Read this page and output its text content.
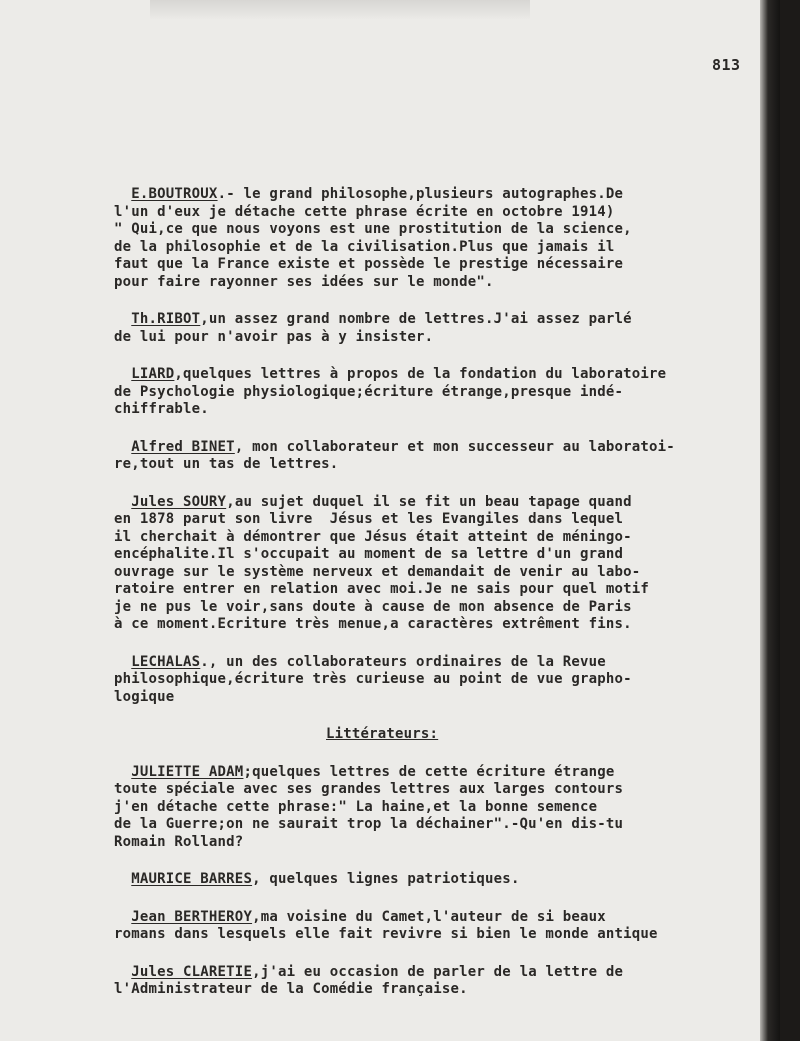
813

E.BOUTROUX.- le grand philosophe,plusieurs autographes.De

l'un d'eux je détache cette phrase écrite en octobre 1914)

" Qui,ce que nous voyons est une prostitution de la science,

de la philosophie et de la civilisation.Plus que jamais il

faut que la France existe et possède le prestige nécessaire

pour faire rayonner ses idées sur le monde".

Th.RIBOT,un assez grand nombre de lettres.J'ai assez parlé

de lui pour n'avoir pas à y insister.

LIARD,quelques lettres à propos de la fondation du laboratoire

de Psychologie physiologique;écriture étrange,presque indé-

chiffrable.

Alfred BINET, mon collaborateur et mon successeur au laboratoi-

re,tout un tas de lettres.

Jules SOURY,au sujet duquel il se fit un beau tapage quand

en 1878 parut son livre  Jésus et les Evangiles dans lequel

il cherchait à démontrer que Jésus était atteint de méningo-

encéphalite.Il s'occupait au moment de sa lettre d'un grand

ouvrage sur le système nerveux et demandait de venir au labo-

ratoire entrer en relation avec moi.Je ne sais pour quel motif

je ne pus le voir,sans doute à cause de mon absence de Paris

à ce moment.Ecriture très menue,a caractères extrêment fins.

LECHALAS., un des collaborateurs ordinaires de la Revue

philosophique,écriture très curieuse au point de vue grapho-

logique

Littérateurs:

JULIETTE ADAM;quelques lettres de cette écriture étrange

toute spéciale avec ses grandes lettres aux larges contours

j'en détache cette phrase:" La haine,et la bonne semence

de la Guerre;on ne saurait trop la déchainer".-Qu'en dis-tu

Romain Rolland?

MAURICE BARRES, quelques lignes patriotiques.

Jean BERTHEROY,ma voisine du Camet,l'auteur de si beaux

romans dans lesquels elle fait revivre si bien le monde antique

Jules CLARETIE,j'ai eu occasion de parler de la lettre de

l'Administrateur de la Comédie française.
